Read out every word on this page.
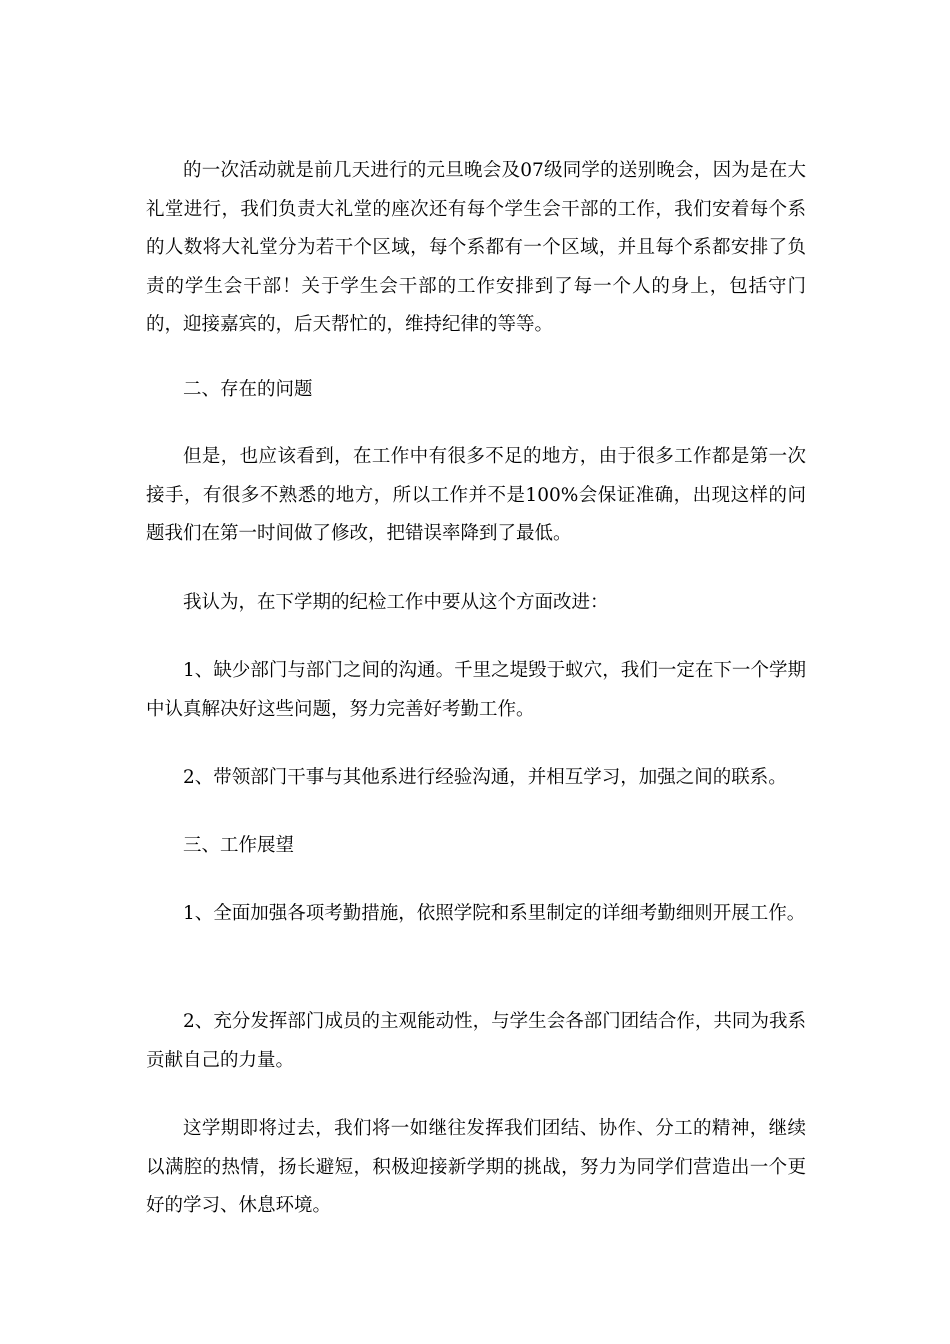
的一次活动就是前几天进行的元旦晚会及07级同学的送别晚会，因为是在大礼堂进行，我们负责大礼堂的座次还有每个学生会干部的工作，我们安着每个系的人数将大礼堂分为若干个区域，每个系都有一个区域，并且每个系都安排了负责的学生会干部！关于学生会干部的工作安排到了每一个人的身上，包括守门的，迎接嘉宾的，后天帮忙的，维持纪律的等等。

二、存在的问题

但是，也应该看到，在工作中有很多不足的地方，由于很多工作都是第一次接手，有很多不熟悉的地方，所以工作并不是100%会保证准确，出现这样的问题我们在第一时间做了修改，把错误率降到了最低。

我认为，在下学期的纪检工作中要从这个方面改进：

1、缺少部门与部门之间的沟通。千里之堤毁于蚁穴，我们一定在下一个学期中认真解决好这些问题，努力完善好考勤工作。

2、带领部门干事与其他系进行经验沟通，并相互学习，加强之间的联系。

三、工作展望

1、全面加强各项考勤措施，依照学院和系里制定的详细考勤细则开展工作。

2、充分发挥部门成员的主观能动性，与学生会各部门团结合作，共同为我系贡献自己的力量。

这学期即将过去，我们将一如继往发挥我们团结、协作、分工的精神，继续以满腔的热情，扬长避短，积极迎接新学期的挑战，努力为同学们营造出一个更好的学习、休息环境。
